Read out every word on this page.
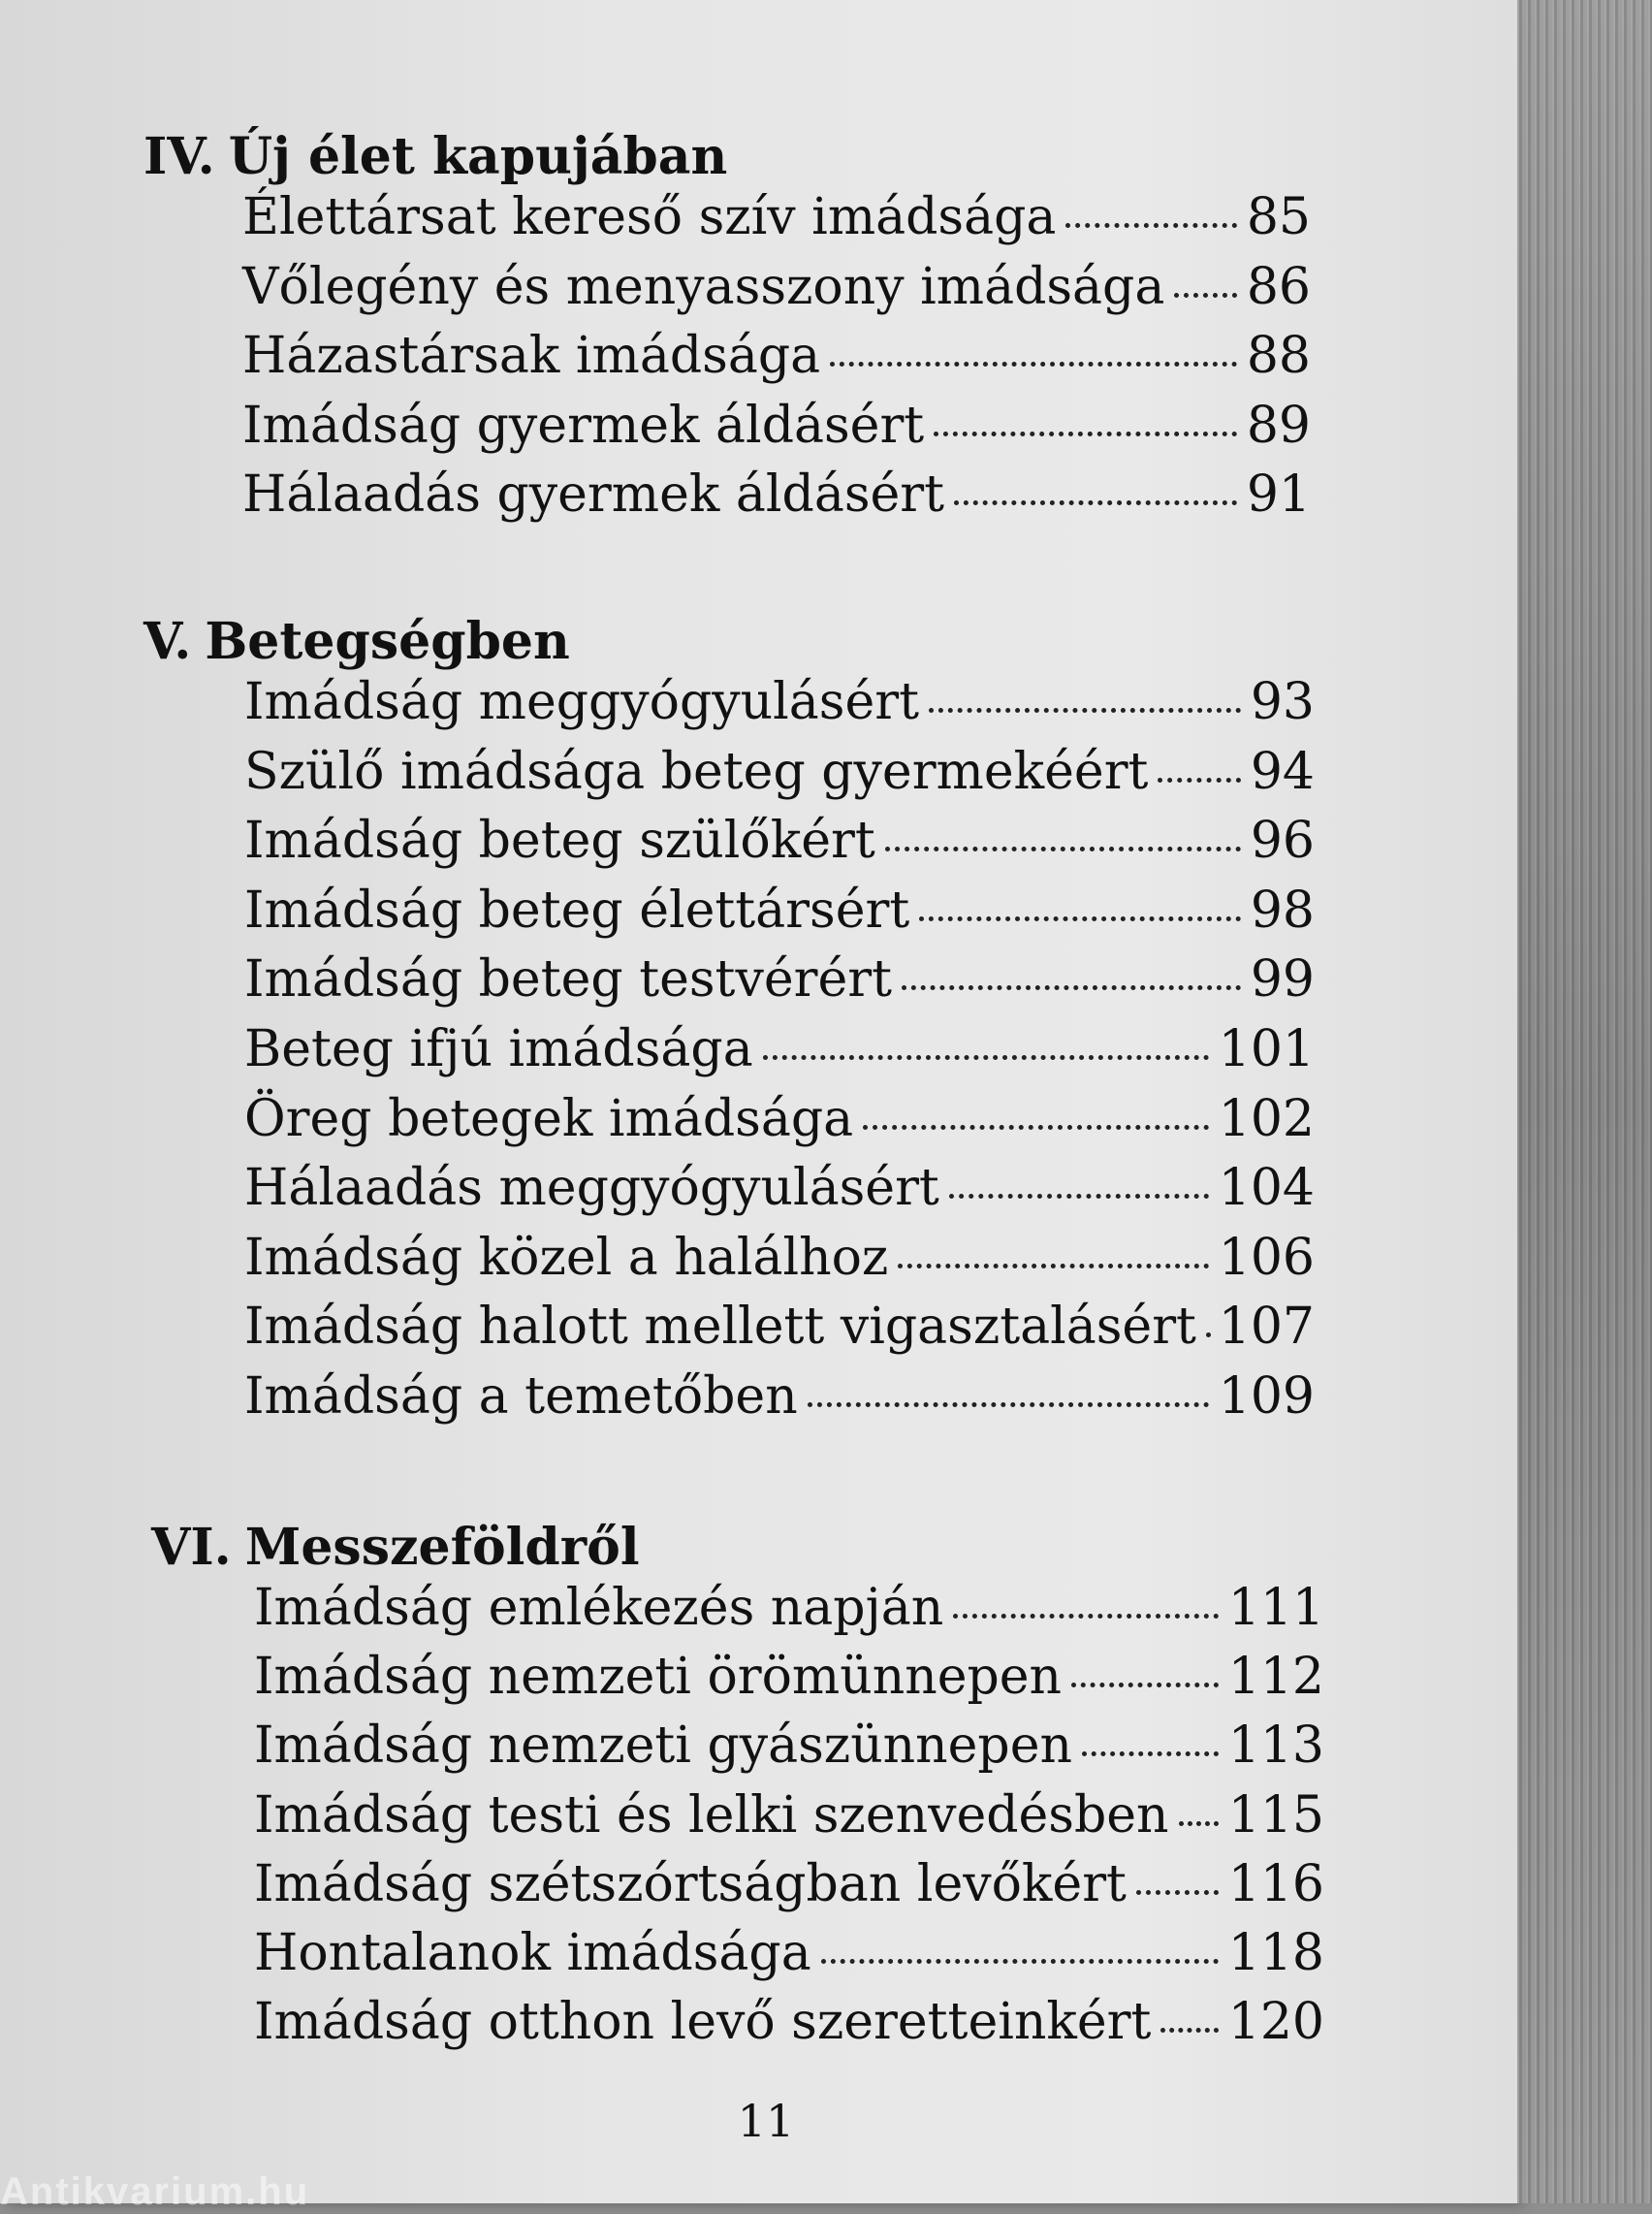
IV. Új élet kapujában
Élettársat kereső szív imádsága	85
Vőlegény és menyasszony imádsága 86
Házastársak imádsága	88
Imádság gyermek áldásért	89
Hálaadás gyermek áldásért	91
V. Betegségben
Imádság meggyógyulásért	93
Szülő imádsága beteg gyermekéért 94
Imádság beteg szülőkért	96
Imádság beteg élettársért	98
Imádság beteg testvérért	99
Beteg ifjú imádsága	101
Öreg betegek imádsága	102
Hálaadás meggyógyulásért	104
Imádság közel a halálhoz	106
Imádság halott mellett vigasztalásért 107
Imádság a temetőben	109
VI. Messzeföldről
Imádság emlékezés napján	111
Imádság nemzeti örömünnepen	112
Imádság nemzeti gyászünnepen	113
Imádság testi és lelki szenvedésben 115
Imádság szétszórtságban levőkért 116
Hontalanok imádsága	118
Imádság otthon levő szeretteinkért 120
11
Antikvarium.hu
